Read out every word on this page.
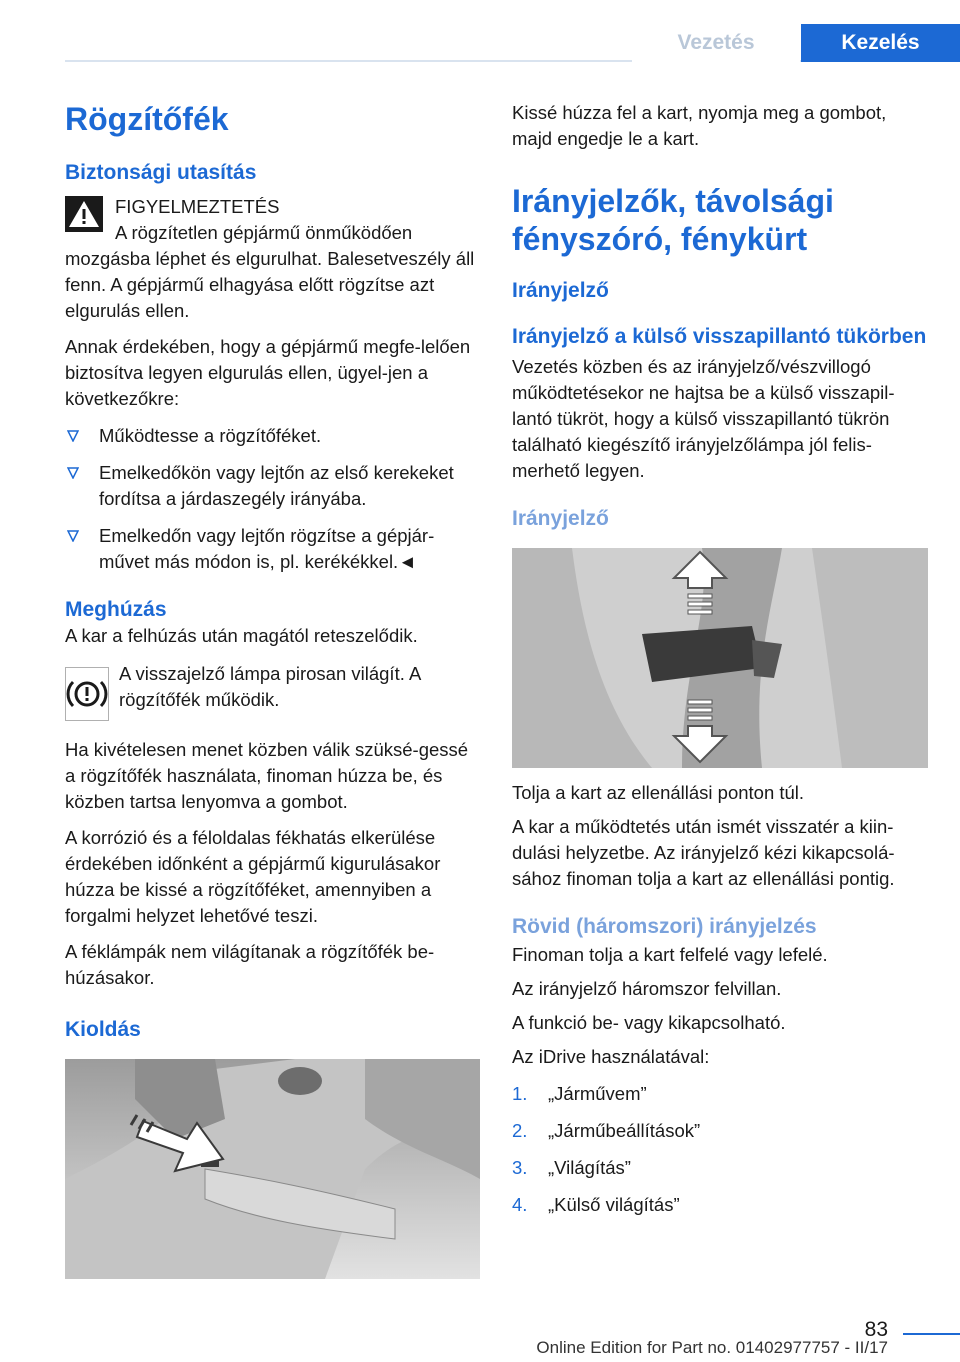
Vezetés	Kezelés
Rögzítőfék
Biztonsági utasítás
FIGYELMEZTETÉS
A rögzítetlen gépjármű önműködően mozgásba léphet és elgurulhat. Balesetveszély áll fenn. A gépjármű elhagyása előtt rögzítse azt elgurulás ellen.
Annak érdekében, hogy a gépjármű megfe-lelően biztosítva legyen elgurulás ellen, ügyel-jen a következőkre:
Működtesse a rögzítőféket.
Emelkedőkön vagy lejtőn az első kerekeket fordítsa a járdaszegély irányába.
Emelkedőn vagy lejtőn rögzítse a gépjár-művet más módon is, pl. kerékékkel.◄
Meghúzás
A kar a felhúzás után magától reteszelődik.
A visszajelző lámpa pirosan világít. A rögzítőfék működik.
Ha kivételesen menet közben válik szüksé-gessé a rögzítőfék használata, finoman húzza be, és közben tartsa lenyomva a gombot.
A korrózió és a féloldalas fékhatás elkerülése érdekében időnként a gépjármű kigurulásakor húzza be kissé a rögzítőféket, amennyiben a forgalmi helyzet lehetővé teszi.
A féklámpák nem világítanak a rögzítőfék be-húzásakor.
Kioldás
Kissé húzza fel a kart, nyomja meg a gombot, majd engedje le a kart.
Irányjelzők, távolsági fényszóró, fénykürt
Irányjelző
Irányjelző a külső visszapillantó tükörben
Vezetés közben és az irányjelző/vészvillogó működtetésekor ne hajtsa be a külső visszapil-lantó tükröt, hogy a külső visszapillantó tükrön található kiegészítő irányjelzőlámpa jól felis-merhető legyen.
Irányjelző
Tolja a kart az ellenállási ponton túl.
A kar a működtetés után ismét visszatér a kiin-dulási helyzetbe. Az irányjelző kézi kikapcsolá-sához finoman tolja a kart az ellenállási pontig.
Rövid (háromszori) irányjelzés
Finoman tolja a kart felfelé vagy lefelé.
Az irányjelző háromszor felvillan.
A funkció be- vagy kikapcsolható.
Az iDrive használatával:
1. „Járművem”
2. „Járműbeállítások”
3. „Világítás”
4. „Külső világítás”
83
Online Edition for Part no. 01402977757 - II/17
